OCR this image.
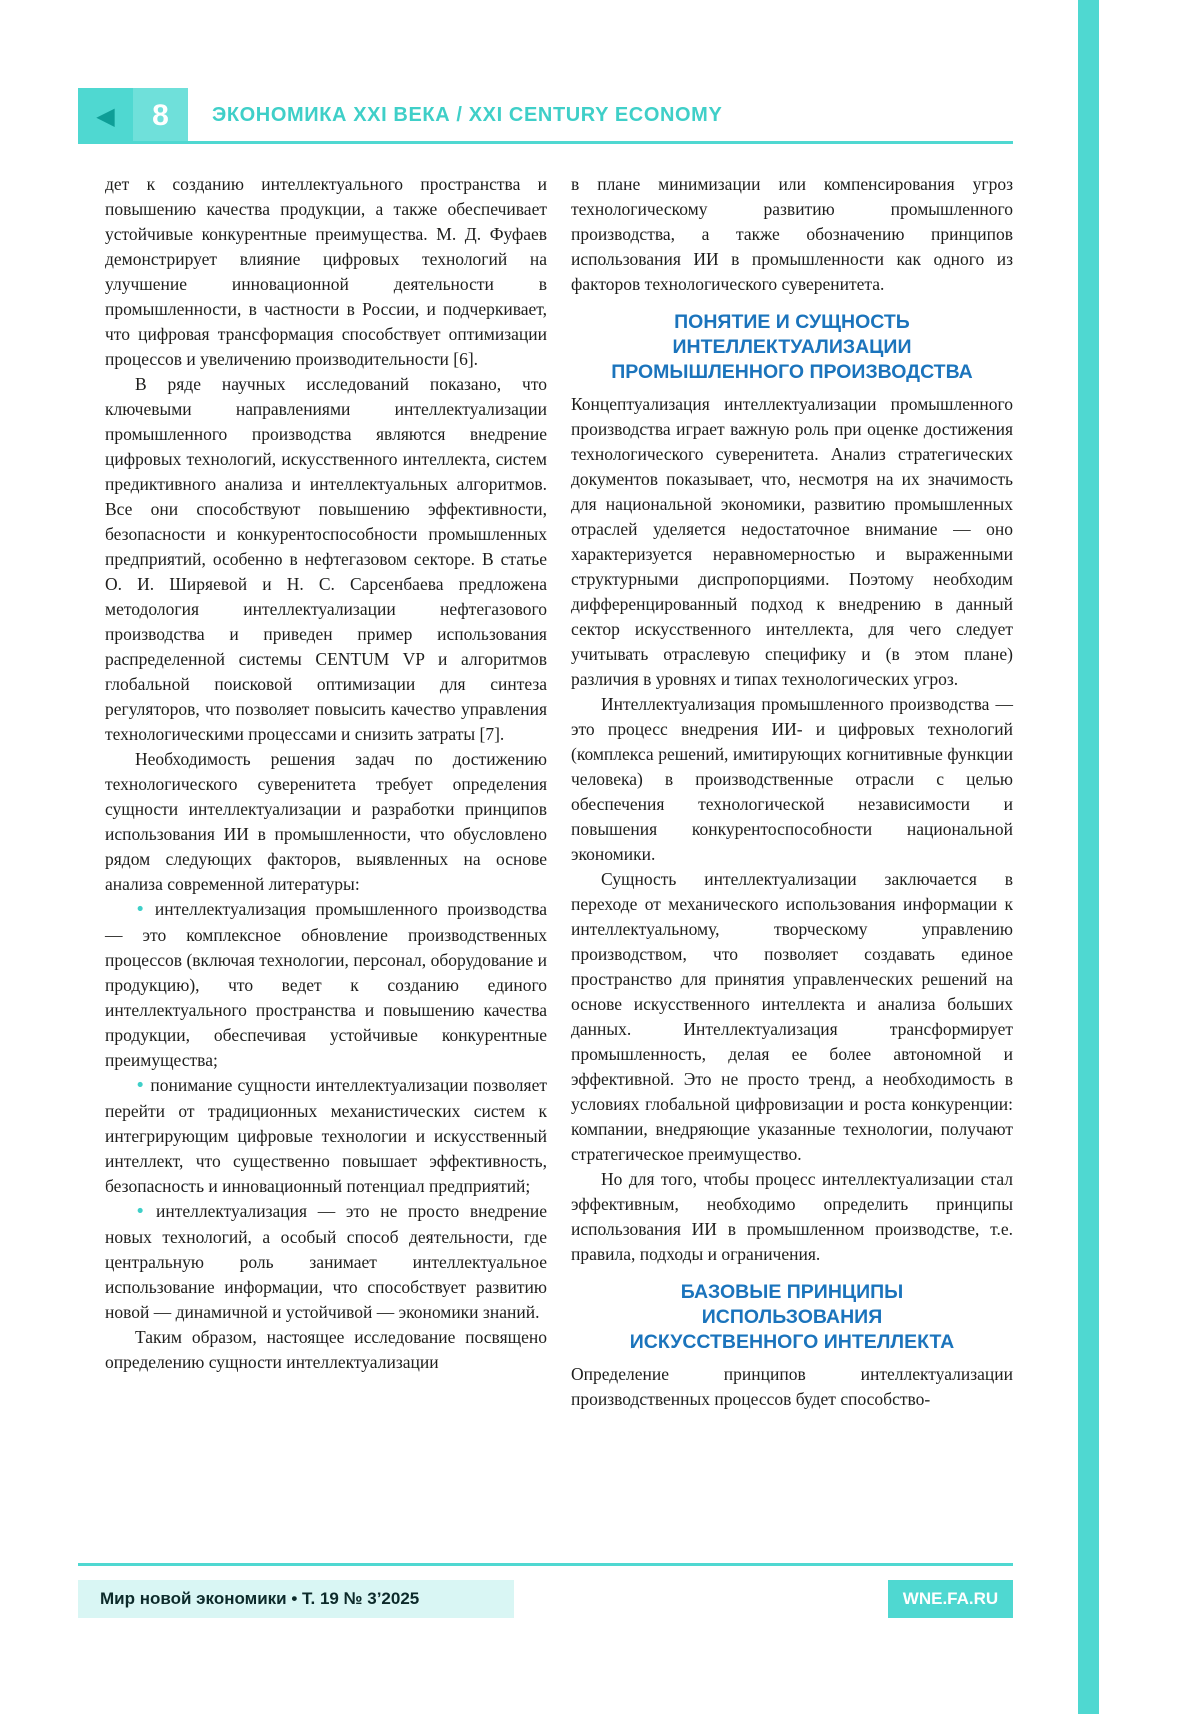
◀ 8 ЭКОНОМИКА XXI ВЕКА / XXI CENTURY ECONOMY

дет к созданию интеллектуального пространства и повышению качества продукции, а также обеспечивает устойчивые конкурентные преимущества. М. Д. Фуфаев демонстрирует влияние цифровых технологий на улучшение инновационной деятельности в промышленности, в частности в России, и подчеркивает, что цифровая трансформация способствует оптимизации процессов и увеличению производительности [6].

В ряде научных исследований показано, что ключевыми направлениями интеллектуализации промышленного производства являются внедрение цифровых технологий, искусственного интеллекта, систем предиктивного анализа и интеллектуальных алгоритмов. Все они способствуют повышению эффективности, безопасности и конкурентоспособности промышленных предприятий, особенно в нефтегазовом секторе. В статье О. И. Ширяевой и Н. С. Сарсенбаева предложена методология интеллектуализации нефтегазового производства и приведен пример использования распределенной системы CENTUM VP и алгоритмов глобальной поисковой оптимизации для синтеза регуляторов, что позволяет повысить качество управления технологическими процессами и снизить затраты [7].

Необходимость решения задач по достижению технологического суверенитета требует определения сущности интеллектуализации и разработки принципов использования ИИ в промышленности, что обусловлено рядом следующих факторов, выявленных на основе анализа современной литературы:

• интеллектуализация промышленного производства — это комплексное обновление производственных процессов (включая технологии, персонал, оборудование и продукцию), что ведет к созданию единого интеллектуального пространства и повышению качества продукции, обеспечивая устойчивые конкурентные преимущества;

• понимание сущности интеллектуализации позволяет перейти от традиционных механистических систем к интегрирующим цифровые технологии и искусственный интеллект, что существенно повышает эффективность, безопасность и инновационный потенциал предприятий;

• интеллектуализация — это не просто внедрение новых технологий, а особый способ деятельности, где центральную роль занимает интеллектуальное использование информации, что способствует развитию новой — динамичной и устойчивой — экономики знаний.

Таким образом, настоящее исследование посвящено определению сущности интеллектуализации

в плане минимизации или компенсирования угроз технологическому развитию промышленного производства, а также обозначению принципов использования ИИ в промышленности как одного из факторов технологического суверенитета.

ПОНЯТИЕ И СУЩНОСТЬ
ИНТЕЛЛЕКТУАЛИЗАЦИИ
ПРОМЫШЛЕННОГО ПРОИЗВОДСТВА

Концептуализация интеллектуализации промышленного производства играет важную роль при оценке достижения технологического суверенитета. Анализ стратегических документов показывает, что, несмотря на их значимость для национальной экономики, развитию промышленных отраслей уделяется недостаточное внимание — оно характеризуется неравномерностью и выраженными структурными диспропорциями. Поэтому необходим дифференцированный подход к внедрению в данный сектор искусственного интеллекта, для чего следует учитывать отраслевую специфику и (в этом плане) различия в уровнях и типах технологических угроз.

Интеллектуализация промышленного производства — это процесс внедрения ИИ- и цифровых технологий (комплекса решений, имитирующих когнитивные функции человека) в производственные отрасли с целью обеспечения технологической независимости и повышения конкурентоспособности национальной экономики.

Сущность интеллектуализации заключается в переходе от механического использования информации к интеллектуальному, творческому управлению производством, что позволяет создавать единое пространство для принятия управленческих решений на основе искусственного интеллекта и анализа больших данных. Интеллектуализация трансформирует промышленность, делая ее более автономной и эффективной. Это не просто тренд, а необходимость в условиях глобальной цифровизации и роста конкуренции: компании, внедряющие указанные технологии, получают стратегическое преимущество.

Но для того, чтобы процесс интеллектуализации стал эффективным, необходимо определить принципы использования ИИ в промышленном производстве, т.е. правила, подходы и ограничения.

БАЗОВЫЕ ПРИНЦИПЫ
ИСПОЛЬЗОВАНИЯ
ИСКУССТВЕННОГО ИНТЕЛЛЕКТА

Определение принципов интеллектуализации производственных процессов будет способство-

Мир новой экономики • Т. 19 № 3’2025	WNE.FA.RU
